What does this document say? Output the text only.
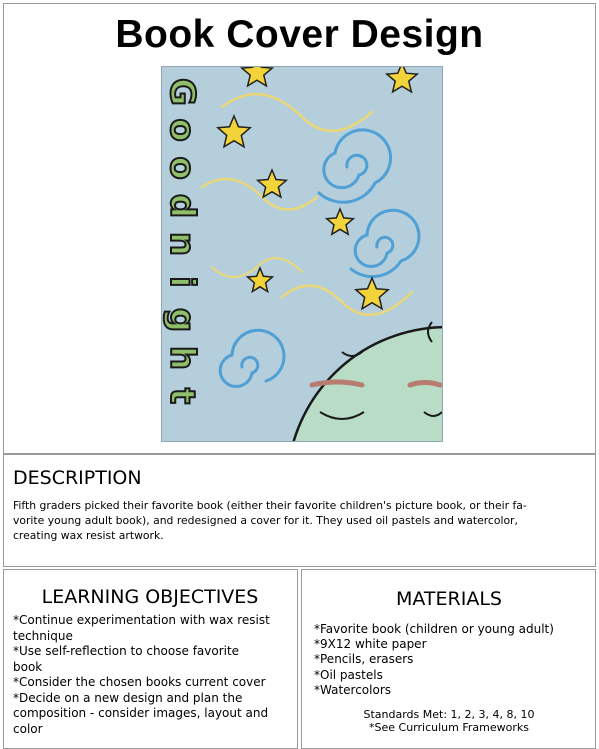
Book Cover Design
G
o
o
d
n
i
g
h
t
DESCRIPTION
Fifth graders picked their favorite book (either their favorite children's picture book, or their fa-
vorite young adult book), and redesigned a cover for it. They used oil pastels and watercolor,
creating wax resist artwork.
LEARNING OBJECTIVES
*Continue experimentation with wax resist
technique
*Use self-reflection to choose favorite
book
*Consider the chosen books current cover
*Decide on a new design and plan the
composition - consider images, layout and
color
MATERIALS
*Favorite book (children or young adult)
*9X12 white paper
*Pencils, erasers
*Oil pastels
*Watercolors
Standards Met: 1, 2, 3, 4, 8, 10
*See Curriculum Frameworks
